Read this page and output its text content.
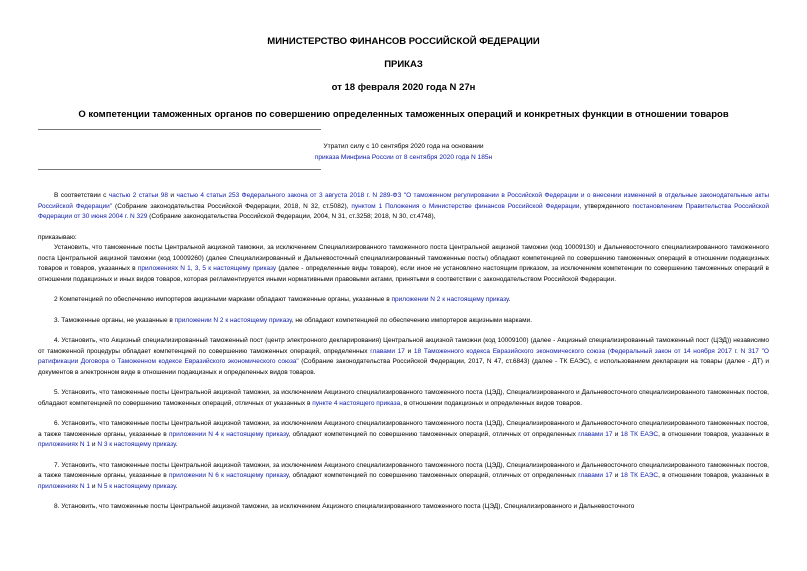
МИНИСТЕРСТВО ФИНАНСОВ РОССИЙСКОЙ ФЕДЕРАЦИИ
ПРИКАЗ
от 18 февраля 2020 года N 27н
О компетенции таможенных органов по совершению определенных таможенных операций и конкретных функции в отношении товаров
Утратил силу с 10 сентября 2020 года на основании
приказа Минфина России от 8 сентября 2020 года N 185н

В соответствии с частью 2 статьи 98 и частью 4 статьи 253 Федерального закона от 3 августа 2018 г. N 289-ФЗ "О таможенном регулировании в Российской Федерации и о внесении изменений в отдельные законодательные акты Российской Федерации" (Собрание законодательства Российской Федерации, 2018, N 32, ст.5082), пунктом 1 Положения о Министерстве финансов Российской Федерации, утвержденного постановлением Правительства Российской Федерации от 30 июня 2004 г. N 329 (Собрание законодательства Российской Федерации, 2004, N 31, ст.3258; 2018, N 30, ст.4748),

приказываю:

Установить, что таможенные посты Центральной акцизной таможни, за исключением Специализированного таможенного поста Центральной акцизной таможни (код 10009130) и Дальневосточного специализированного таможенного поста Центральной акцизной таможни (код 10009260) (далее Специализированный и Дальневосточный специализированный таможенные посты) обладают компетенцией по совершению таможенных операций в отношении подакцизных товаров и товаров, указанных в приложениях N 1, 3, 5 к настоящему приказу (далее - определенные виды товаров), если иное не установлено настоящим приказом, за исключением компетенции по совершению таможенных операций в отношении подакцизных и иных видов товаров, которая регламентируется иными нормативными правовыми актами, принятыми в соответствии с законодательством Российской Федерации.

2 Компетенцией по обеспечению импортеров акцизными марками обладают таможенные органы, указанные в приложении N 2 к настоящему приказу.

3. Таможенные органы, не указанные в приложении N 2 к настоящему приказу, не обладают компетенцией по обеспечению импортеров акцизными марками.

4. Установить, что Акцизный специализированный таможенный пост (центр электронного декларирования) Центральной акцизной таможни (код 10009100) (далее - Акцизный специализированный таможенный пост (ЦЭД)) независимо от таможенной процедуры обладает компетенцией по совершению таможенных операций, определенных главами 17 и 18 Таможенного кодекса Евразийского экономического союза (Федеральный закон от 14 ноября 2017 г. N 317 "О ратификации Договора о Таможенном кодексе Евразийского экономического союза" (Собрание законодательства Российской Федерации, 2017, N 47, ст.6843) (далее - ТК ЕАЭС), с использованием декларации на товары (далее - ДТ) и документов в электронном виде в отношении подакцизных и определенных видов товаров.

5. Установить, что таможенные посты Центральной акцизной таможни, за исключением Акцизного специализированного таможенного поста (ЦЭД), Специализированного и Дальневосточного специализированного таможенных постов, обладают компетенцией по совершению таможенных операций, отличных от указанных в пункте 4 настоящего приказа, в отношении подакцизных и определенных видов товаров.

6. Установить, что таможенные посты Центральной акцизной таможни, за исключением Акцизного специализированного таможенного поста (ЦЭД), Специализированного и Дальневосточного специализированного таможенных постов, а также таможенные органы, указанные в приложении N 4 к настоящему приказу, обладают компетенцией по совершению таможенных операций, отличных от определенных главами 17 и 18 ТК ЕАЭС, в отношении товаров, указанных в приложениях N 1 и N 3 к настоящему приказу.

7. Установить, что таможенные посты Центральной акцизной таможни, за исключением Акцизного специализированного таможенного поста (ЦЭД), Специализированного и Дальневосточного специализированного таможенных постов, а также таможенные органы, указанные в приложении N 6 к настоящему приказу, обладают компетенцией по совершению таможенных операций, отличных от определенных главами 17 и 18 ТК ЕАЭС, в отношении товаров, указанных в приложениях N 1 и N 5 к настоящему приказу.

8. Установить, что таможенные посты Центральной акцизной таможни, за исключением Акцизного специализированного таможенного поста (ЦЭД), Специализированного и Дальневосточного
